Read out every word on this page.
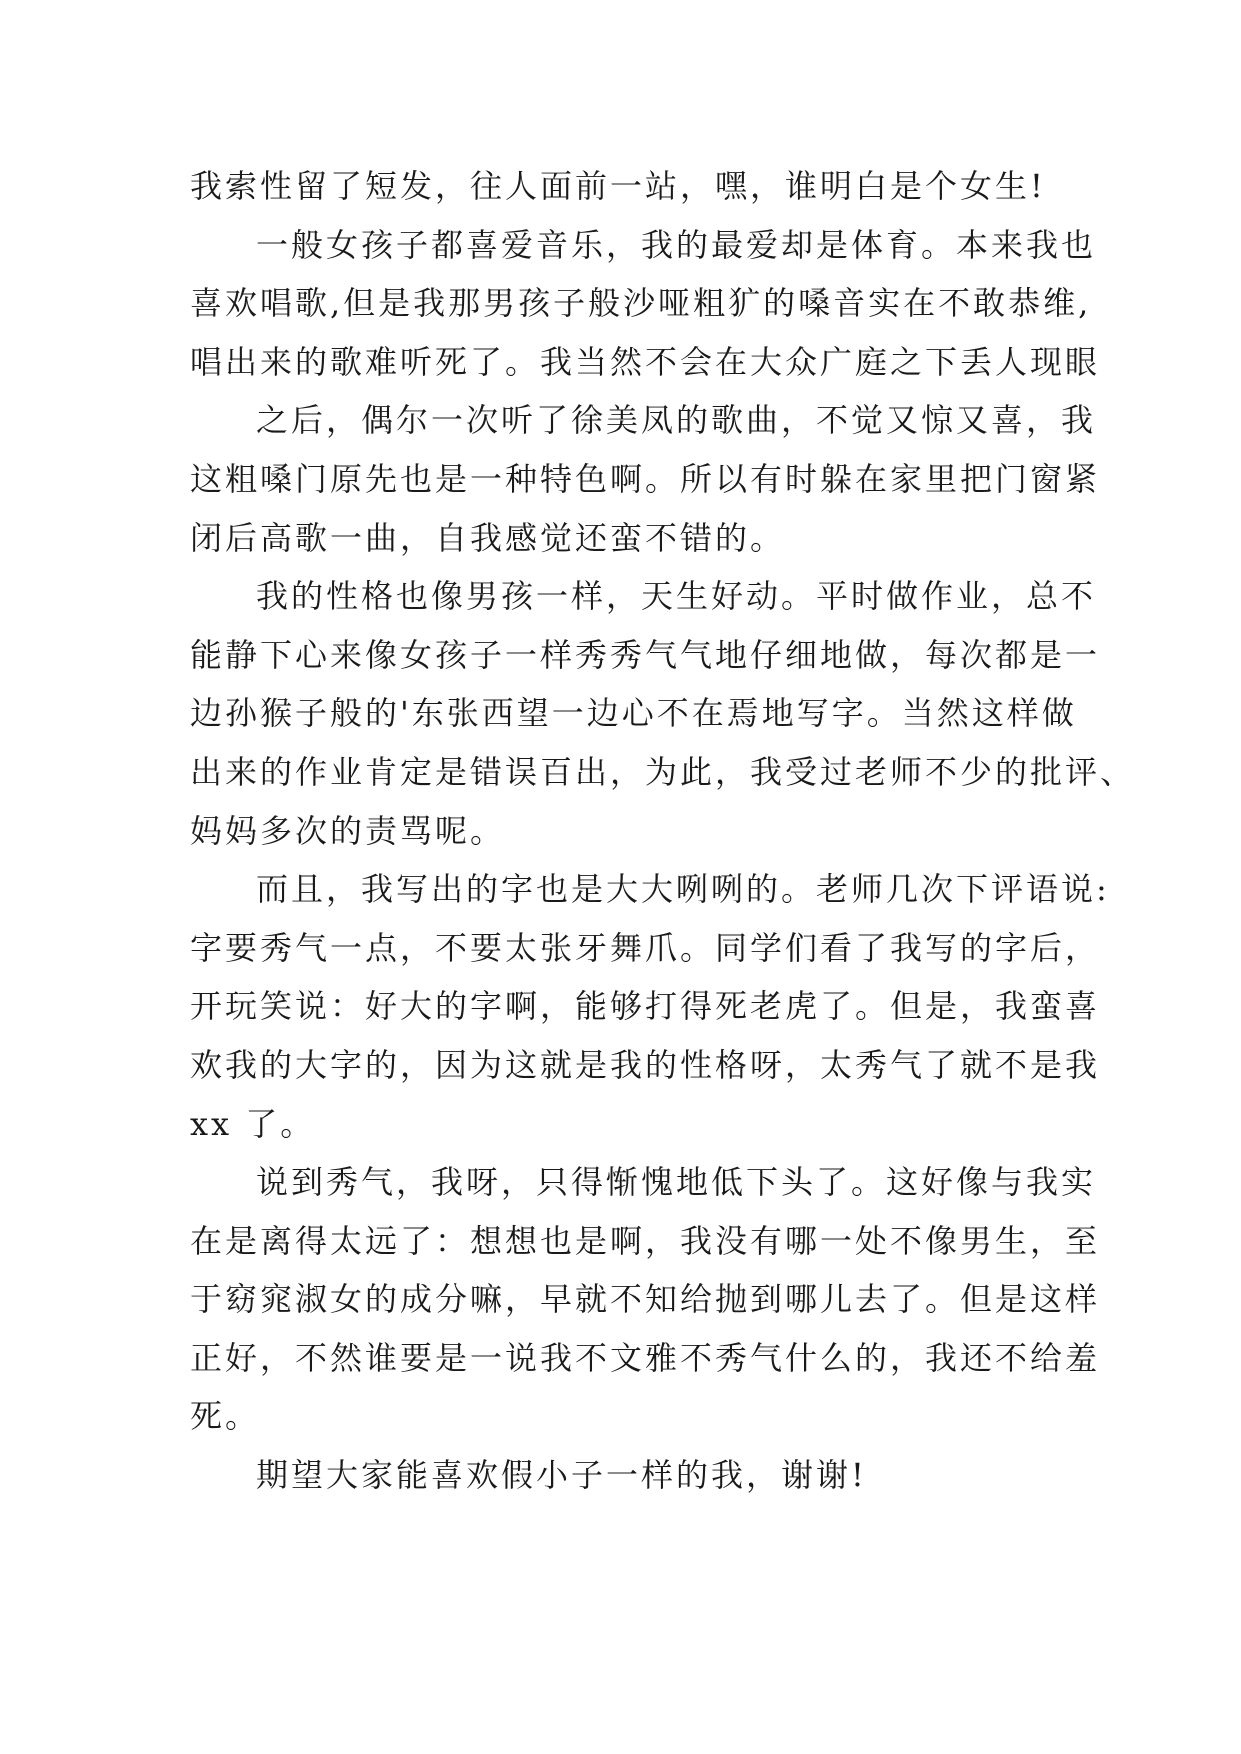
我索性留了短发，往人面前一站，嘿，谁明白是个女生!
一般女孩子都喜爱音乐，我的最爱却是体育。本来我也
喜欢唱歌,但是我那男孩子般沙哑粗犷的嗓音实在不敢恭维,
唱出来的歌难听死了。我当然不会在大众广庭之下丢人现眼
之后，偶尔一次听了徐美凤的歌曲，不觉又惊又喜，我
这粗嗓门原先也是一种特色啊。所以有时躲在家里把门窗紧
闭后高歌一曲，自我感觉还蛮不错的。
我的性格也像男孩一样，天生好动。平时做作业，总不
能静下心来像女孩子一样秀秀气气地仔细地做，每次都是一
边孙猴子般的'东张西望一边心不在焉地写字。当然这样做
出来的作业肯定是错误百出，为此，我受过老师不少的批评、
妈妈多次的责骂呢。
而且，我写出的字也是大大咧咧的。老师几次下评语说:
字要秀气一点，不要太张牙舞爪。同学们看了我写的字后，
开玩笑说：好大的字啊，能够打得死老虎了。但是，我蛮喜
欢我的大字的，因为这就是我的性格呀，太秀气了就不是我
xx 了。
说到秀气，我呀，只得惭愧地低下头了。这好像与我实
在是离得太远了：想想也是啊，我没有哪一处不像男生，至
于窈窕淑女的成分嘛，早就不知给抛到哪儿去了。但是这样
正好，不然谁要是一说我不文雅不秀气什么的，我还不给羞
死。
期望大家能喜欢假小子一样的我，谢谢!
